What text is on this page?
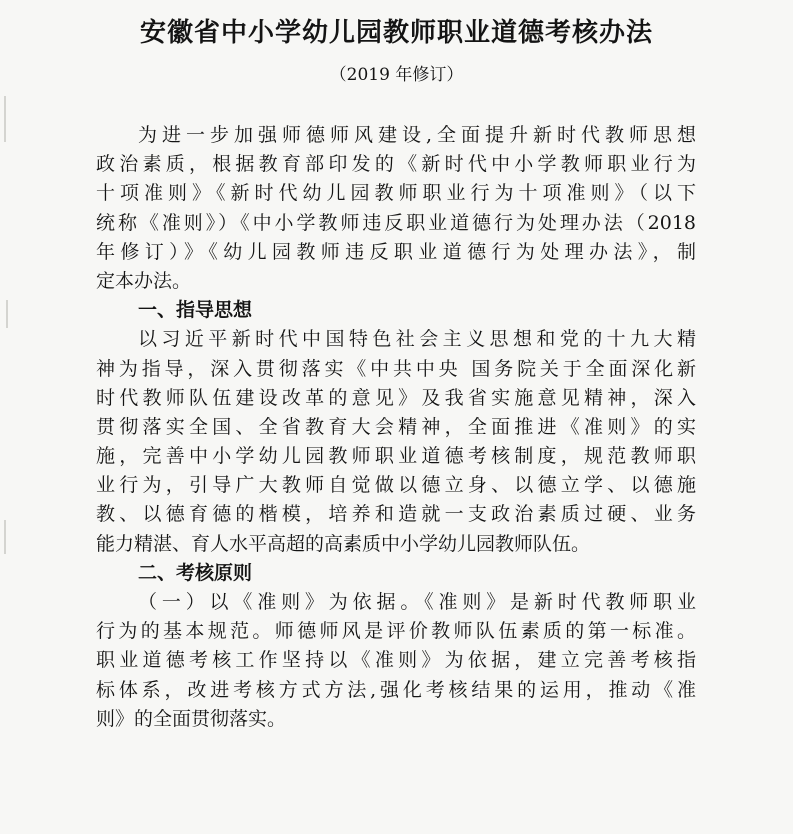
安徽省中小学幼儿园教师职业道德考核办法

（2019 年修订）

为进一步加强师德师风建设,全面提升新时代教师思想
政治素质，根据教育部印发的《新时代中小学教师职业行为
十项准则》《新时代幼儿园教师职业行为十项准则》（以下
统称《准则》）《中小学教师违反职业道德行为处理办法（2018
年修订）》《幼儿园教师违反职业道德行为处理办法》，制
定本办法。
一、指导思想
以习近平新时代中国特色社会主义思想和党的十九大精
神为指导，深入贯彻落实《中共中央 国务院关于全面深化新
时代教师队伍建设改革的意见》及我省实施意见精神，深入
贯彻落实全国、全省教育大会精神，全面推进《准则》的实
施，完善中小学幼儿园教师职业道德考核制度，规范教师职
业行为，引导广大教师自觉做以德立身、以德立学、以德施
教、以德育德的楷模，培养和造就一支政治素质过硬、业务
能力精湛、育人水平高超的高素质中小学幼儿园教师队伍。
二、考核原则
（一）以《准则》为依据。《准则》是新时代教师职业
行为的基本规范。师德师风是评价教师队伍素质的第一标准。
职业道德考核工作坚持以《准则》为依据，建立完善考核指
标体系，改进考核方式方法,强化考核结果的运用，推动《准
则》的全面贯彻落实。
